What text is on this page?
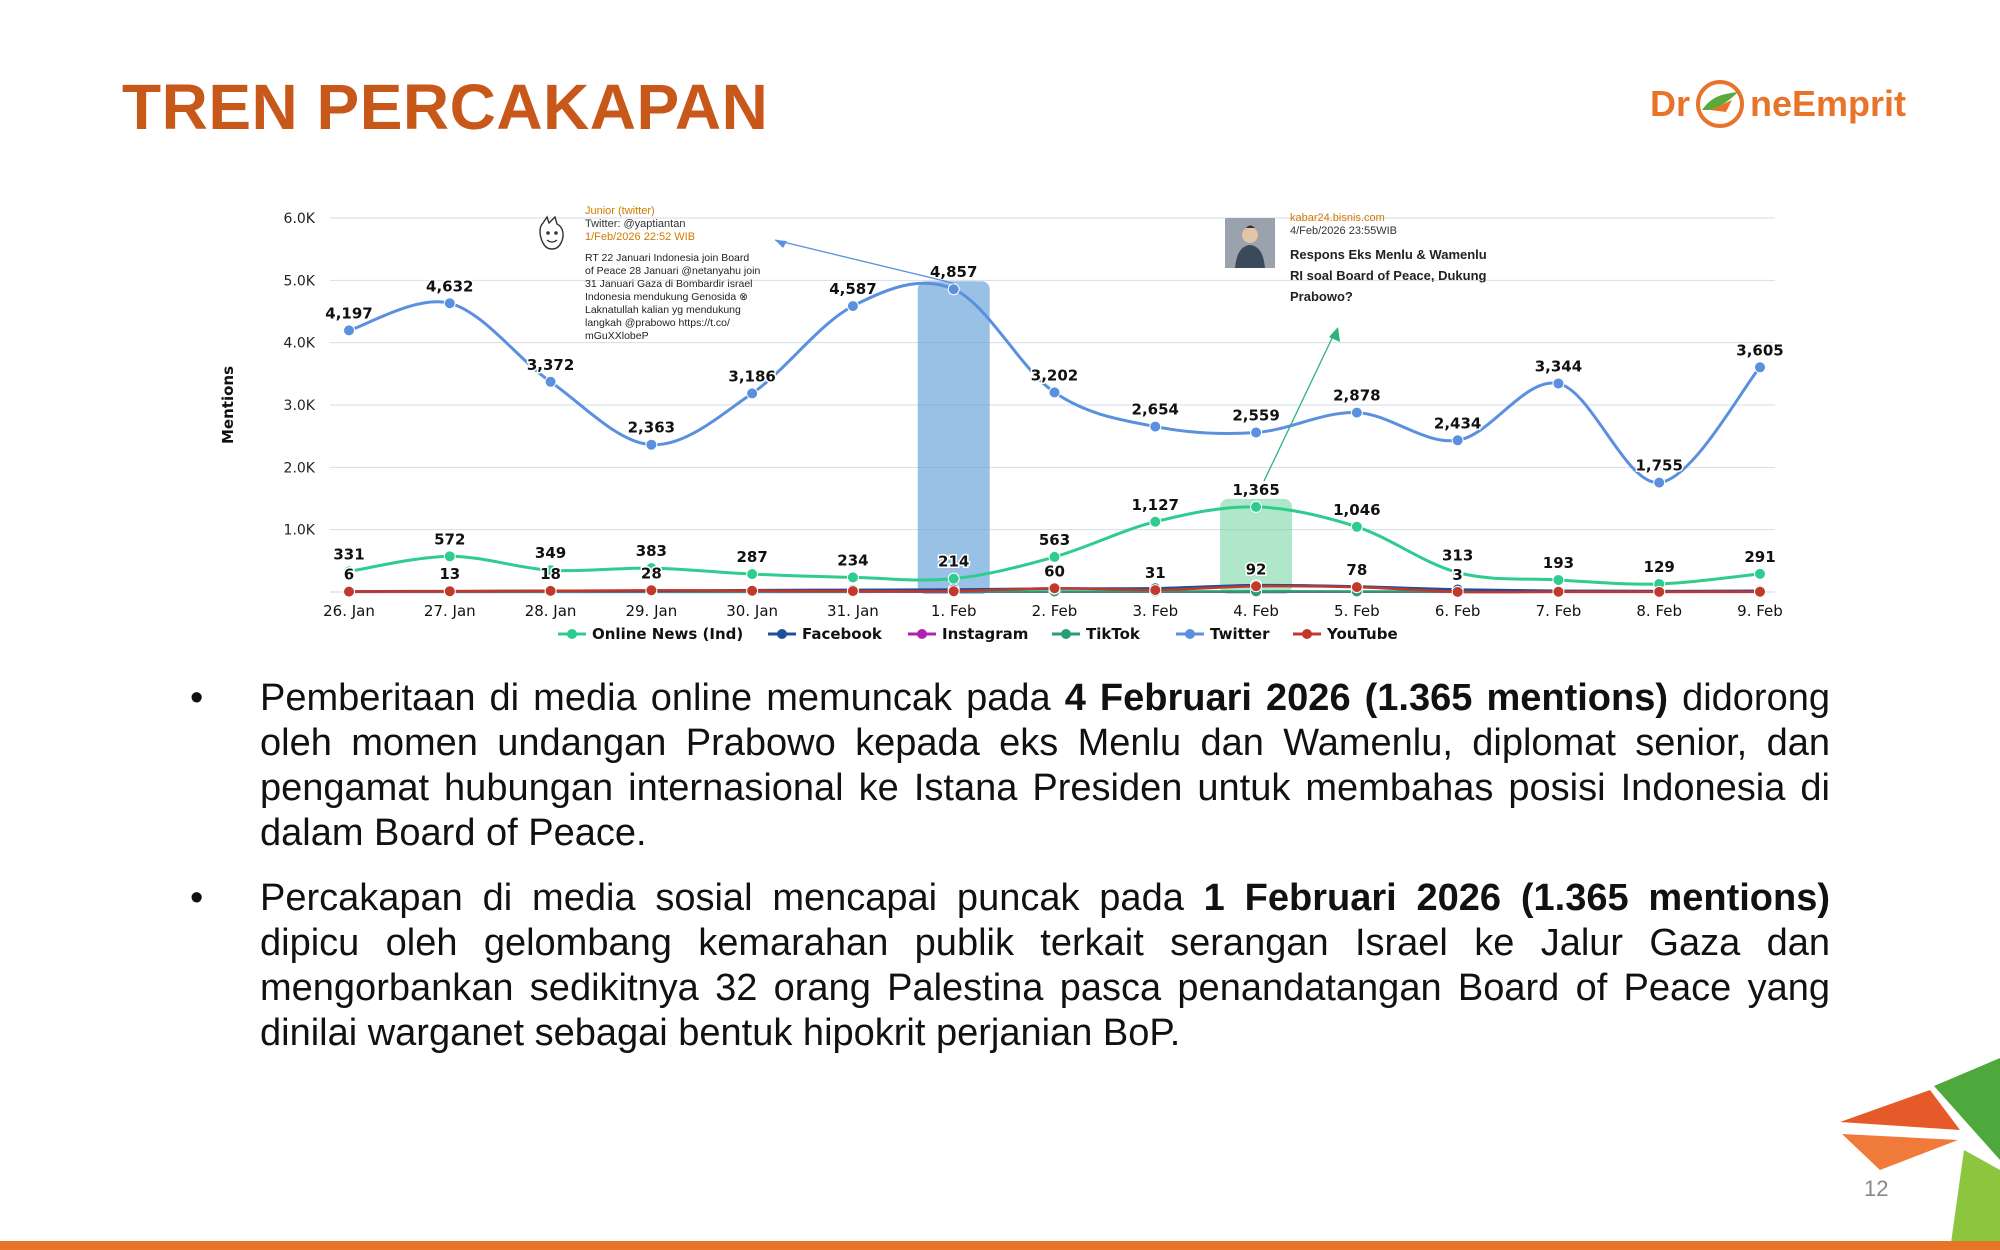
TREN PERCAKAPAN	Dr ne Emprit
1.0K
2.0K
3.0K
4.0K
5.0K
6.0K
Mentions
4,197
4,632
3,372
2,363
3,186
4,587
4,857
3,202
2,654	2,559
2,878
2,434
3,344
1,755
3,605
331
572
349	383	287	234	214
563
1,127
1,365
1,046
313	193	129
291
6	13	18	28	60	31	92	78	3
26. Jan	27. Jan	28. Jan	29. Jan	30. Jan	31. Jan	1. Feb	2. Feb	3. Feb	4. Feb	5. Feb	6. Feb	7. Feb	8. Feb	9. Feb
Online News (Ind)	Facebook	Instagram	TikTok	Twitter	YouTube
Junior (twitter)
Twitter: @yaptiantan
1/Feb/2026 22:52 WIB
RT 22 Januari Indonesia join Board
of Peace 28 Januari @netanyahu join
31 Januari Gaza di Bombardir israel
Indonesia mendukung Genosida ⊗
Laknatullah kalian yg mendukung
langkah @prabowo https://t.co/
mGuXXlobeP
kabar24.bisnis.com
4/Feb/2026 23:55WIB
Respons Eks Menlu & Wamenlu
RI soal Board of Peace, Dukung
Prabowo?
• Pemberitaan di media online memuncak pada 4 Februari 2026 (1.365 mentions) didorong oleh momen undangan Prabowo kepada eks Menlu dan Wamenlu, diplomat senior, dan pengamat hubungan internasional ke Istana Presiden untuk membahas posisi Indonesia di dalam Board of Peace.
• Percakapan di media sosial mencapai puncak pada 1 Februari 2026 (1.365 mentions) dipicu oleh gelombang kemarahan publik terkait serangan Israel ke Jalur Gaza dan mengorbankan sedikitnya 32 orang Palestina pasca penandatangan Board of Peace yang dinilai warganet sebagai bentuk hipokrit perjanian BoP.
12
